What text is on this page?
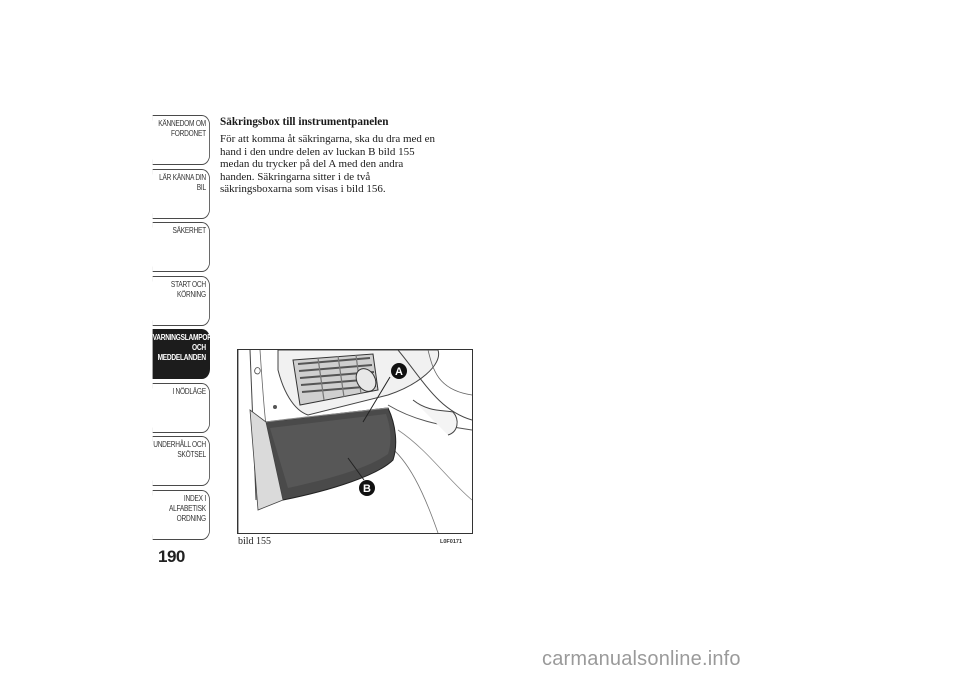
KÄNNEDOM OM
FORDONET
LÄR KÄNNA DIN
BIL
SÄKERHET
START OCH
KÖRNING
VARNINGSLAMPOR
OCH
MEDDELANDEN
I NÖDLÄGE
UNDERHÅLL OCH
SKÖTSEL
INDEX I
ALFABETISK
ORDNING
190
Säkringsbox till instrumentpanelen

För att komma åt säkringarna, ska du dra med en
hand i den undre delen av luckan B bild 155
medan du trycker på del A med den andra
handen. Säkringarna sitter i de två
säkringsboxarna som visas i bild 156.

A
B
bild 155	L0F0171
carmanualsonline.info
